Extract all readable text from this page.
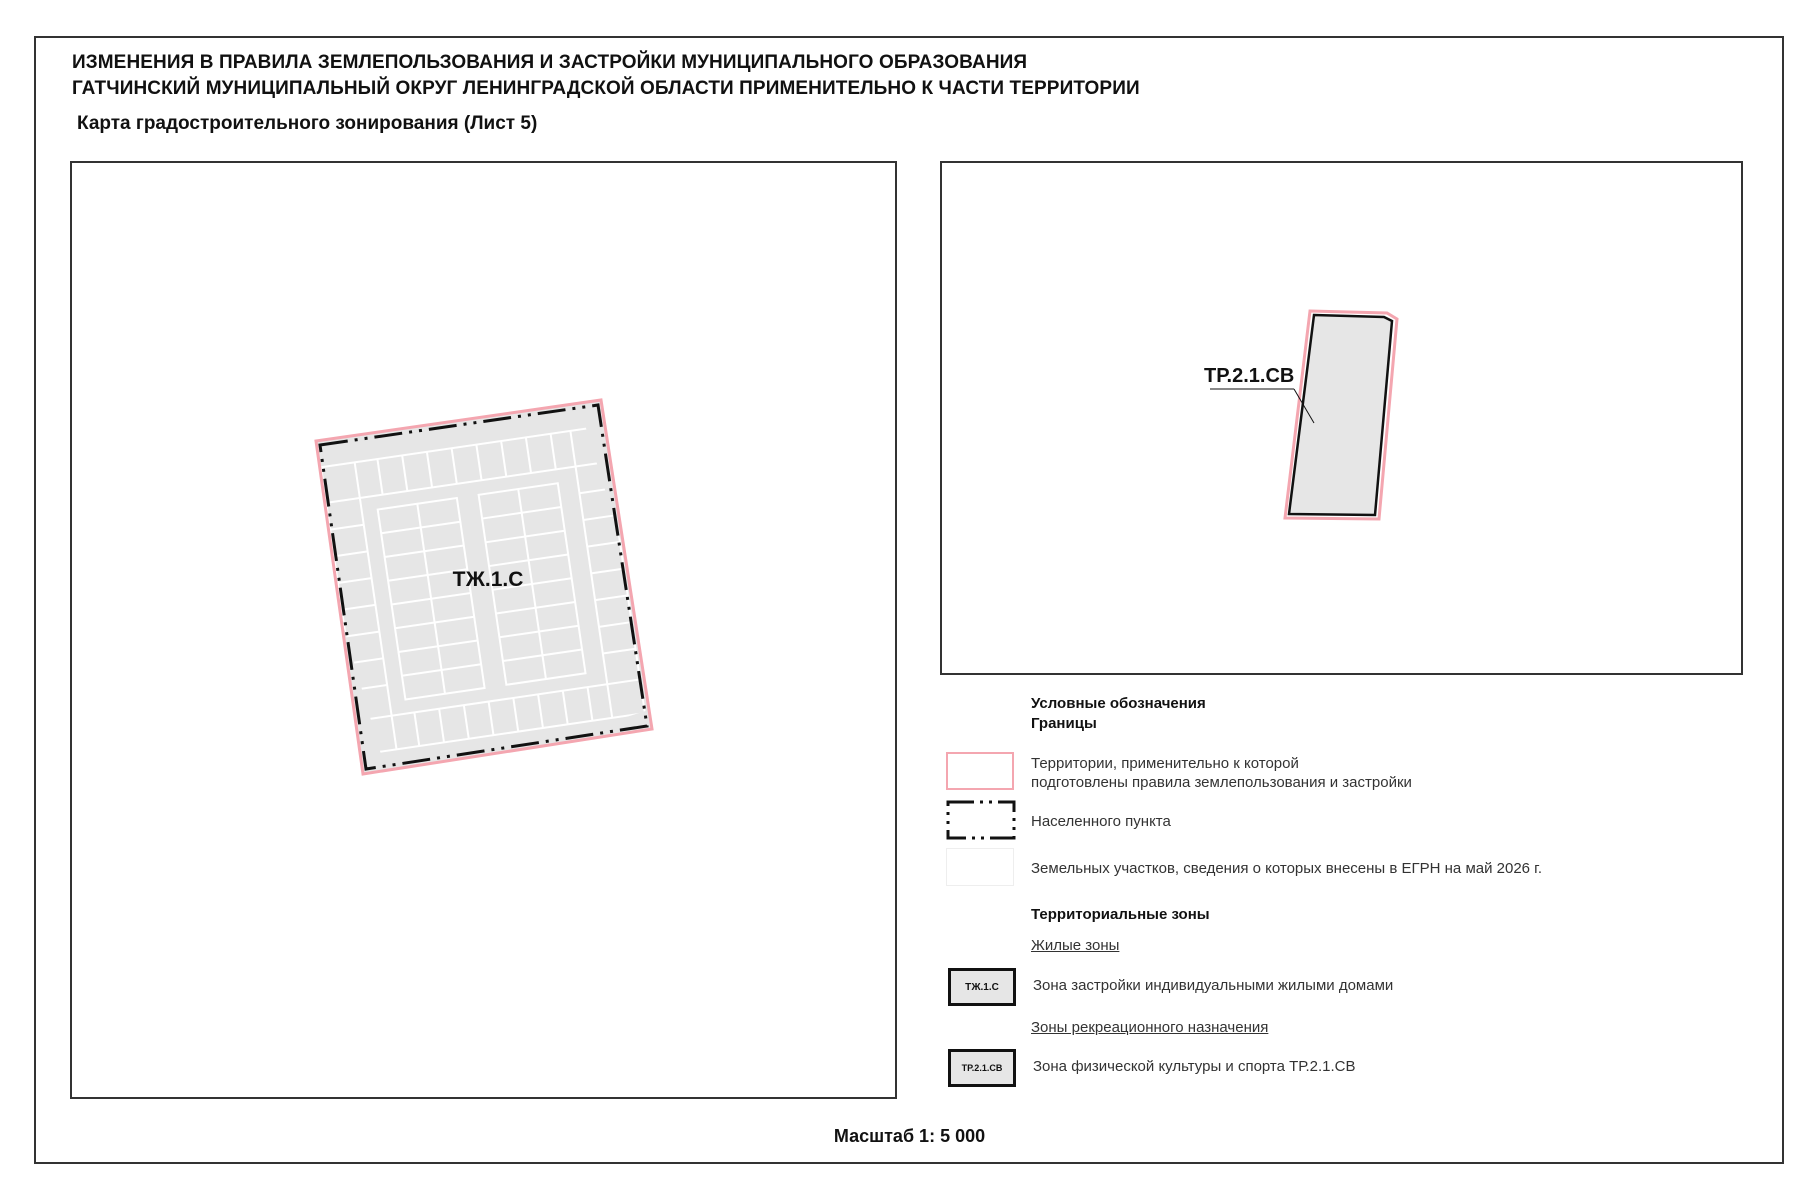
ИЗМЕНЕНИЯ В ПРАВИЛА ЗЕМЛЕПОЛЬЗОВАНИЯ И ЗАСТРОЙКИ МУНИЦИПАЛЬНОГО ОБРАЗОВАНИЯ
ГАТЧИНСКИЙ МУНИЦИПАЛЬНЫЙ ОКРУГ ЛЕНИНГРАДСКОЙ ОБЛАСТИ ПРИМЕНИТЕЛЬНО К ЧАСТИ ТЕРРИТОРИИ
Карта градостроительного зонирования (Лист 5)
ТЖ.1.С
ТР.2.1.СВ
Условные обозначения
Границы
Территории, применительно к которой
подготовлены правила землепользования и застройки
Населенного пункта
Земельных участков, сведения о которых внесены в ЕГРН на май 2026 г.
Территориальные зоны
Жилые зоны
ТЖ.1.С	Зона застройки индивидуальными жилыми домами
Зоны рекреационного назначения
ТР.2.1.СВ	Зона физической культуры и спорта ТР.2.1.СВ
Масштаб 1: 5 000
